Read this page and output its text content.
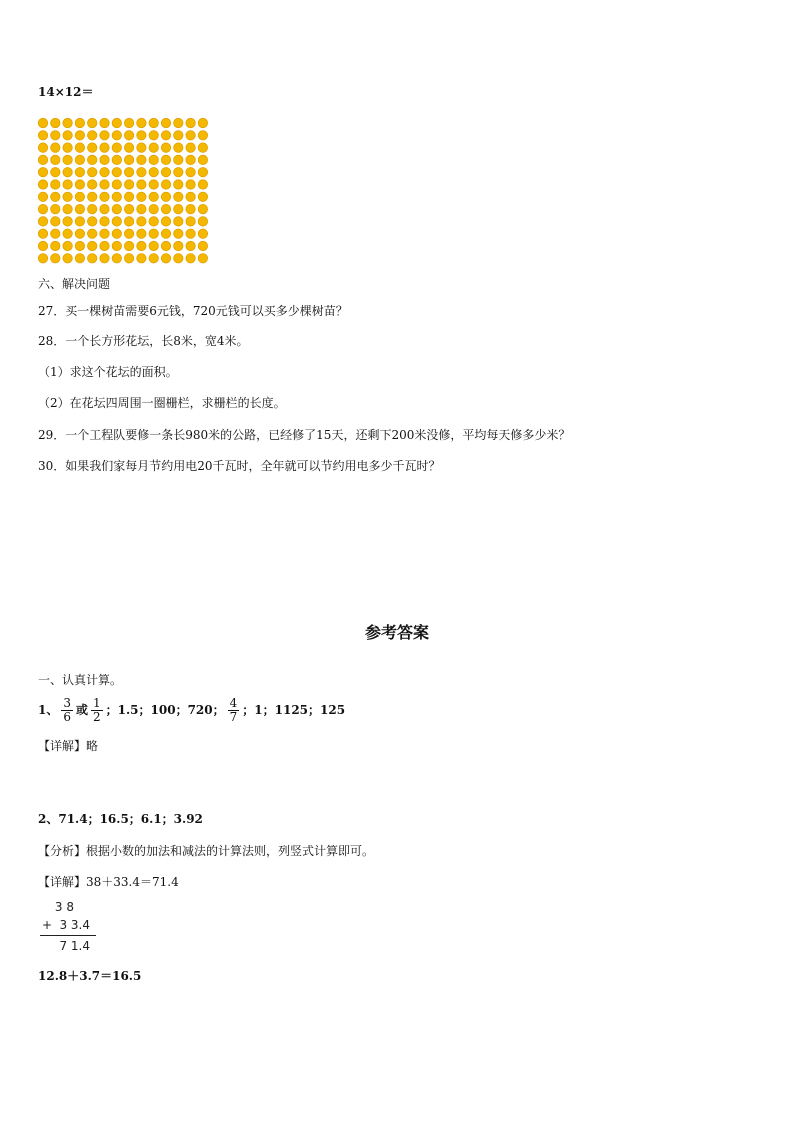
14×12＝
六、解决问题
27．买一棵树苗需要6元钱，720元钱可以买多少棵树苗？
28．一个长方形花坛，长8米，宽4米。
（1）求这个花坛的面积。
（2）在花坛四周围一圈栅栏，求栅栏的长度。
29．一个工程队要修一条长980米的公路，已经修了15天，还剩下200米没修，平均每天修多少米？
30．如果我们家每月节约用电20千瓦时，全年就可以节约用电多少千瓦时？
参考答案
一、认真计算。
1、 $\frac{3}{6}$ 或 $\frac{1}{2}$ ；1.5；100；720； $\frac{4}{7}$ ；1；1125；125
【详解】略
2、71.4；16.5；6.1；3.92
【分析】根据小数的加法和减法的计算法则，列竖式计算即可。
【详解】38＋33.4＝71.4
3 8
+ 3 3.4
7 1.4
12.8＋3.7＝16.5
